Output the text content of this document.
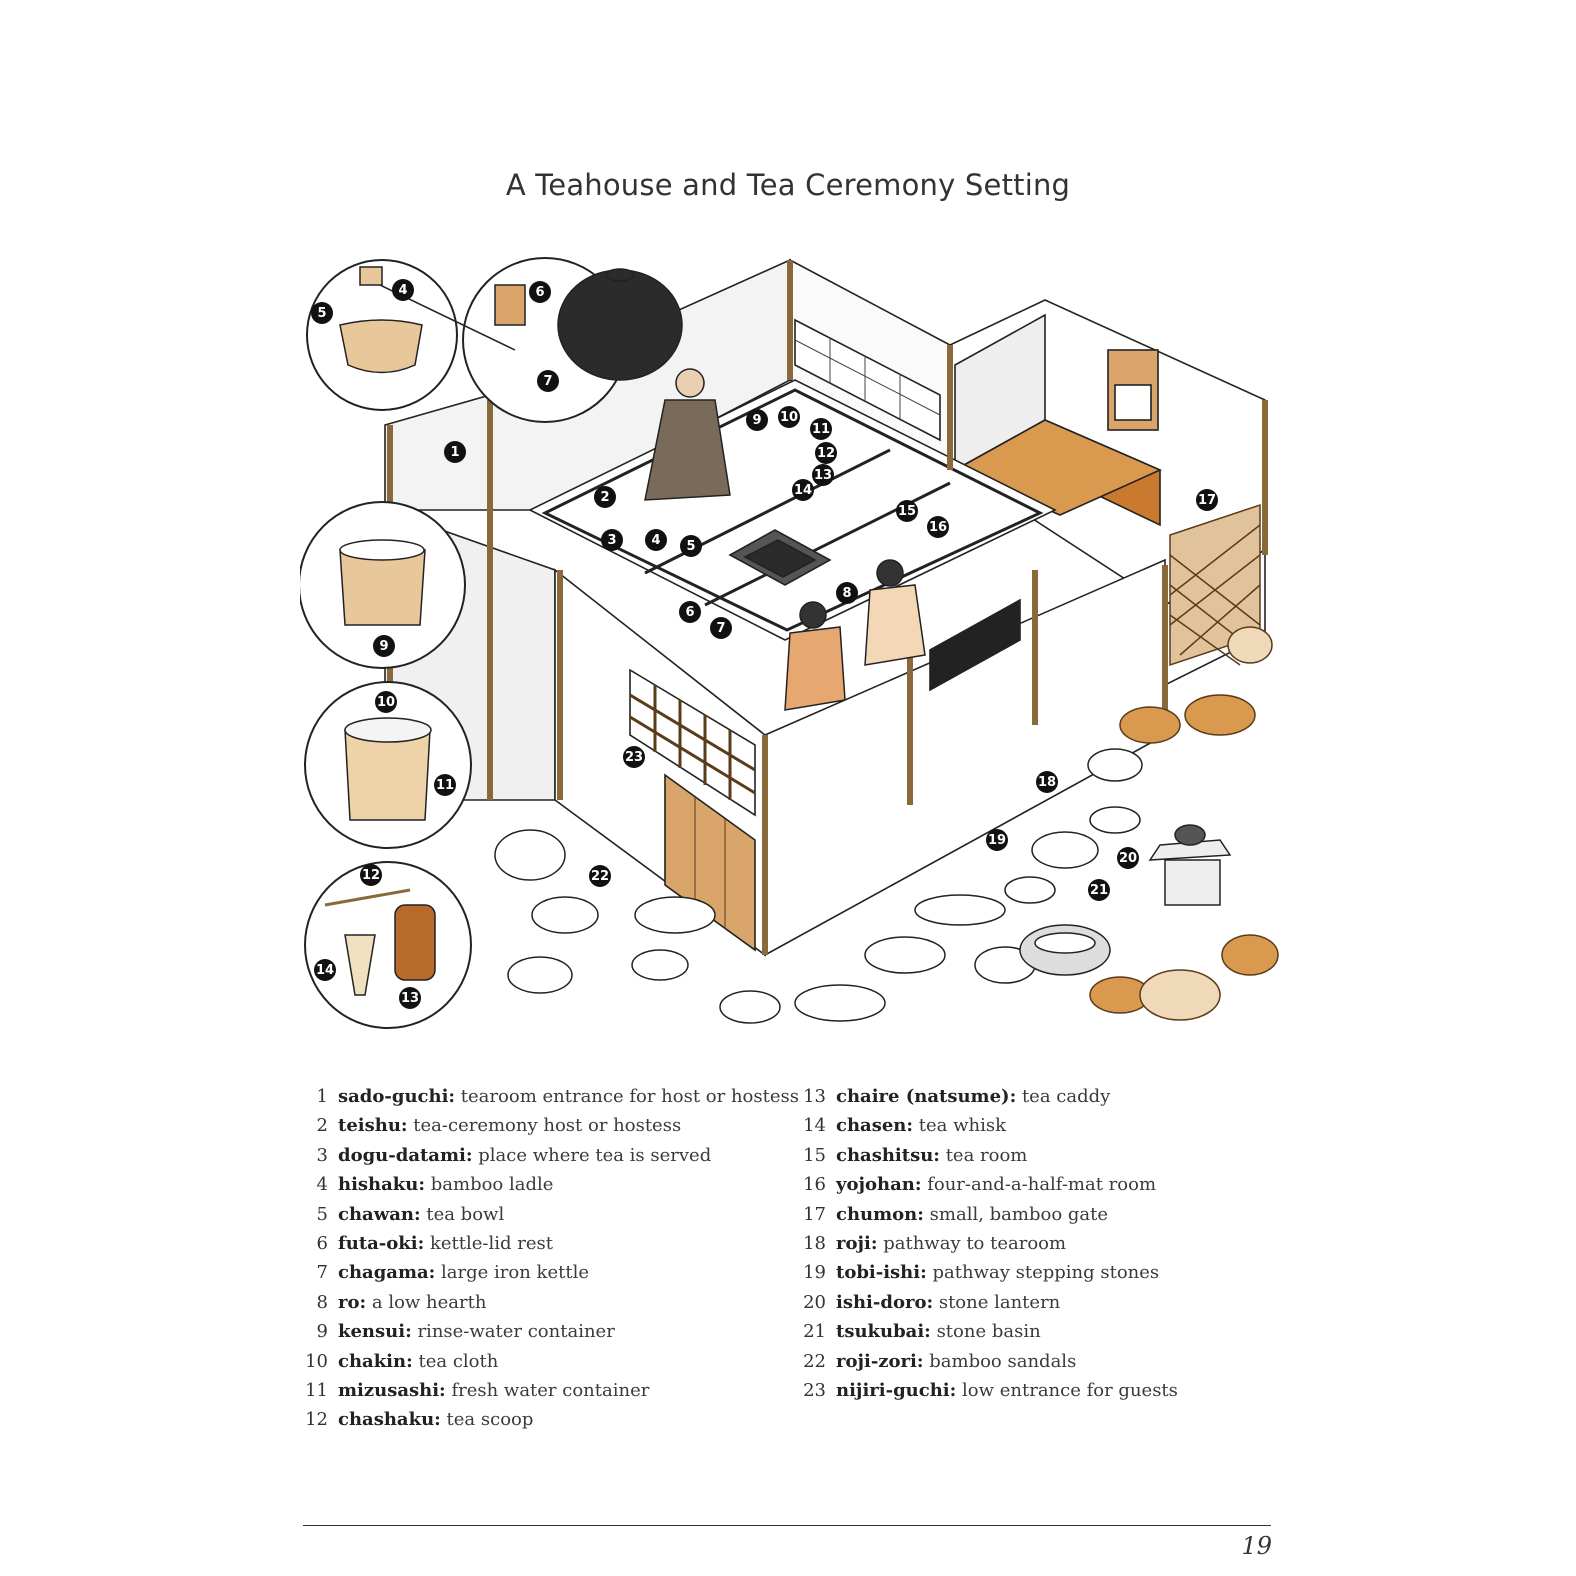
A Teahouse and Tea Ceremony Setting
1
2
3	4 5
6
7
8
9 10
11
12
13
14
15
16
17
18
19
20
21
22
23
4
5
6
7
9
10
11
12
13
14
1 sado-guchi: tearoom entrance for host or hostess
2 teishu: tea-ceremony host or hostess
3 dogu-datami: place where tea is served
4 hishaku: bamboo ladle
5 chawan: tea bowl
6 futa-oki: kettle-lid rest
7 chagama: large iron kettle
8 ro: a low hearth
9 kensui: rinse-water container
10 chakin: tea cloth
11 mizusashi: fresh water container
12 chashaku: tea scoop
13 chaire (natsume): tea caddy
14 chasen: tea whisk
15 chashitsu: tea room
16 yojohan: four-and-a-half-mat room
17 chumon: small, bamboo gate
18 roji: pathway to tearoom
19 tobi-ishi: pathway stepping stones
20 ishi-doro: stone lantern
21 tsukubai: stone basin
22 roji-zori: bamboo sandals
23 nijiri-guchi: low entrance for guests
19
